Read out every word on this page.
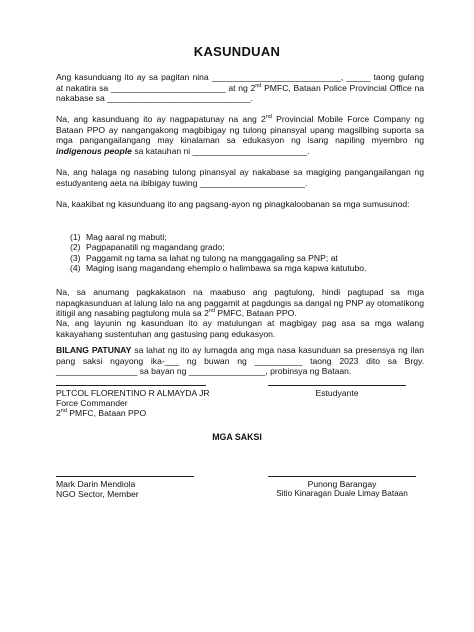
KASUNDUAN
Ang kasunduang ito ay sa pagitan nina ___________________________, _____ taong gulang at nakatira sa ________________________ at ng 2nd PMFC, Bataan Police Provincial Office na nakabase sa ______________________________.
Na, ang kasunduang ito ay nagpapatunay na ang 2nd Provincial Mobile Force Company ng Bataan PPO ay nangangakong magbibigay ng tulong pinansyal upang magsilbing suporta sa mga pangangailangang may kinalaman sa edukasyon ng isang napiling myembro ng indigenous people sa katauhan ni ________________________.
Na, ang halaga ng nasabing tulong pinansyal ay nakabase sa magiging pangangailangan ng estudyanteng aeta na ibibigay tuwing ______________________.
Na, kaakibat ng kasunduang ito ang pagsang-ayon ng pinagkaloobanan sa mga sumusunod:
(1) Mag aaral ng mabuti;
(2) Pagpapanatili ng magandang grado;
(3) Paggamit ng tama sa lahat ng tulong na manggagaling sa PNP; at
(4) Maging isang magandang ehemplo o halimbawa sa mga kapwa katutubo.
Na, sa anumang pagkakataon na maabuso ang pagtulong, hindi pagtupad sa mga napagkasunduan at lalung lalo na ang paggamit at pagdungis sa dangal ng PNP ay otomatikong ititigil ang nasabing pagtulong mula sa 2nd PMFC, Bataan PPO.
Na, ang layunin ng kasunduan ito ay matulungan at magbigay pag asa sa mga walang kakayahang sustentuhan ang gastusing pang edukasyon.
BILANG PATUNAY sa lahat ng ito ay lumagda ang mga nasa kasunduan sa presensya ng ilan pang saksi ngayong ika-___ ng buwan ng __________ taong 2023 dito sa Brgy. _________________ sa bayan ng ________________, probinsya ng Bataan.
PLTCOL FLORENTINO R ALMAYDA JR
Force Commander
2nd PMFC, Bataan PPO
Estudyante
MGA SAKSI
Mark Darin Mendiola
NGO Sector, Member
Punong Barangay
Sitio Kinaragan Duale Limay Bataan
